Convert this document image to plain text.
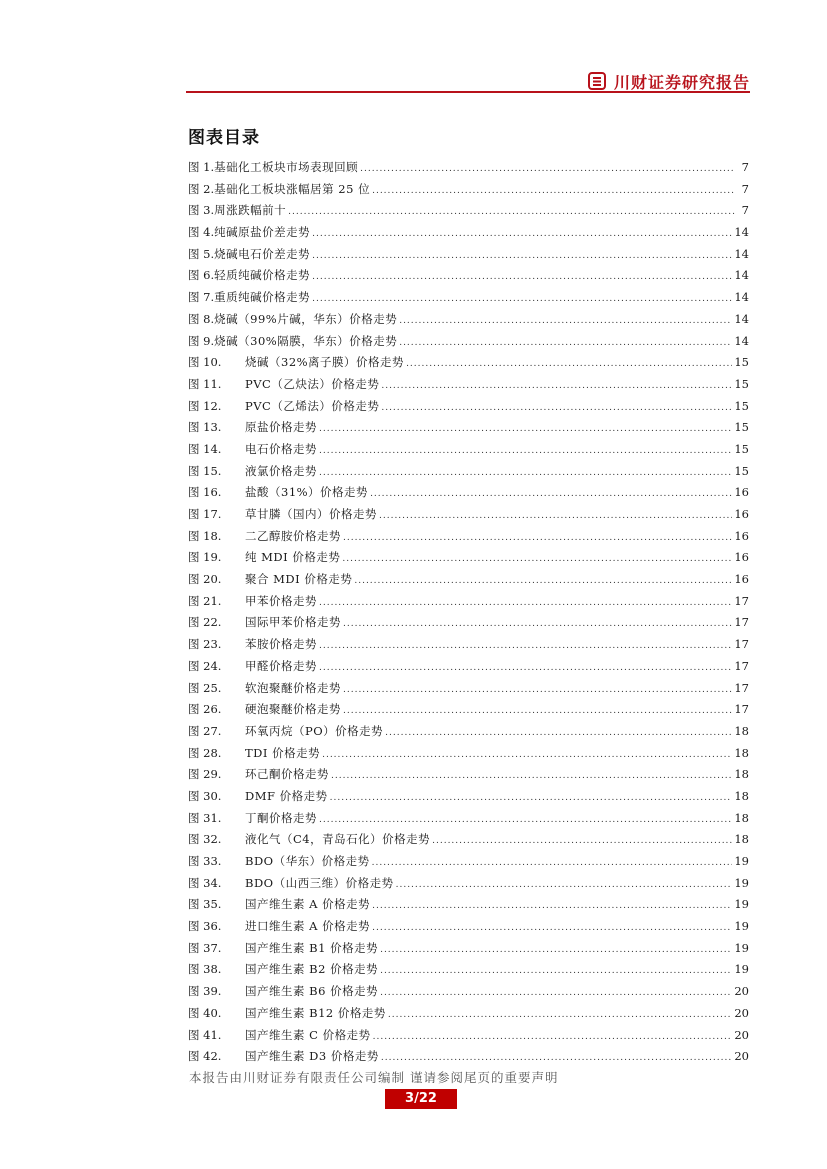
川财证券研究报告
图表目录
图 1. 基础化工板块市场表现回顾 .....	7
图 2. 基础化工板块涨幅居第 25 位 .....	7
图 3. 周涨跌幅前十 .....	7
图 4. 纯碱原盐价差走势 .....	14
图 5. 烧碱电石价差走势 .....	14
图 6. 轻质纯碱价格走势 .....	14
图 7. 重质纯碱价格走势 .....	14
图 8. 烧碱（99%片碱，华东）价格走势 .....	14
图 9. 烧碱（30%隔膜，华东）价格走势 .....	14
图 10.	烧碱（32%离子膜）价格走势 .....	15
图 11.	PVC（乙炔法）价格走势 .....	15
图 12.	PVC（乙烯法）价格走势 .....	15
图 13.	原盐价格走势 .....	15
图 14.	电石价格走势 .....	15
图 15.	液氯价格走势 .....	15
图 16.	盐酸（31%）价格走势 .....	16
图 17.	草甘膦（国内）价格走势 .....	16
图 18.	二乙醇胺价格走势 .....	16
图 19.	纯 MDI 价格走势 .....	16
图 20.	聚合 MDI 价格走势 .....	16
图 21.	甲苯价格走势 .....	17
图 22.	国际甲苯价格走势 .....	17
图 23.	苯胺价格走势 .....	17
图 24.	甲醛价格走势 .....	17
图 25.	软泡聚醚价格走势 .....	17
图 26.	硬泡聚醚价格走势 .....	17
图 27.	环氧丙烷（PO）价格走势 .....	18
图 28.	TDI 价格走势 .....	18
图 29.	环己酮价格走势 .....	18
图 30.	DMF 价格走势 .....	18
图 31.	丁酮价格走势 .....	18
图 32.	液化气（C4，青岛石化）价格走势 .....	18
图 33.	BDO（华东）价格走势 .....	19
图 34.	BDO（山西三维）价格走势 .....	19
图 35.	国产维生素 A 价格走势 .....	19
图 36.	进口维生素 A 价格走势 .....	19
图 37.	国产维生素 B1 价格走势 .....	19
图 38.	国产维生素 B2 价格走势 .....	19
图 39.	国产维生素 B6 价格走势 .....	20
图 40.	国产维生素 B12 价格走势 .....	20
图 41.	国产维生素 C 价格走势 .....	20
图 42.	国产维生素 D3 价格走势 .....	20
本报告由川财证券有限责任公司编制 谨请参阅尾页的重要声明
3/22
